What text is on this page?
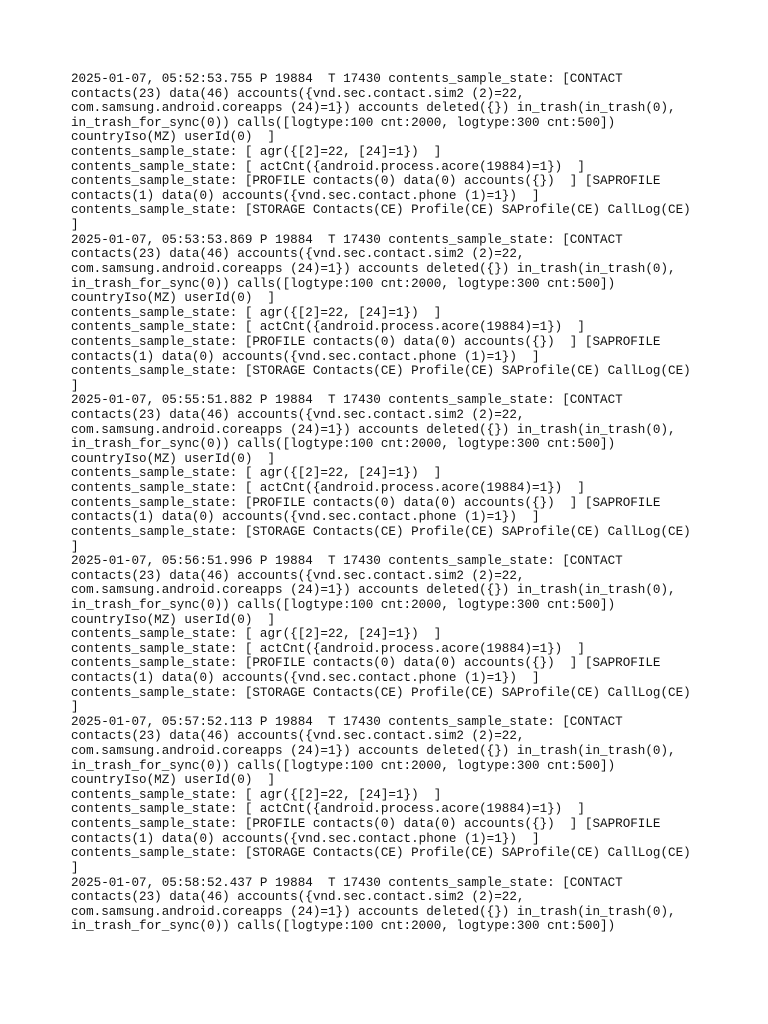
2025-01-07, 05:52:53.755 P 19884  T 17430 contents_sample_state: [CONTACT
contacts(23) data(46) accounts({vnd.sec.contact.sim2 (2)=22,
com.samsung.android.coreapps (24)=1}) accounts deleted({}) in_trash(in_trash(0),
in_trash_for_sync(0)) calls([logtype:100 cnt:2000, logtype:300 cnt:500])
countryIso(MZ) userId(0)  ]
contents_sample_state: [ agr({[2]=22, [24]=1})  ]
contents_sample_state: [ actCnt({android.process.acore(19884)=1})  ]
contents_sample_state: [PROFILE contacts(0) data(0) accounts({})  ] [SAPROFILE
contacts(1) data(0) accounts({vnd.sec.contact.phone (1)=1})  ]
contents_sample_state: [STORAGE Contacts(CE) Profile(CE) SAProfile(CE) CallLog(CE)
]
2025-01-07, 05:53:53.869 P 19884  T 17430 contents_sample_state: [CONTACT
contacts(23) data(46) accounts({vnd.sec.contact.sim2 (2)=22,
com.samsung.android.coreapps (24)=1}) accounts deleted({}) in_trash(in_trash(0),
in_trash_for_sync(0)) calls([logtype:100 cnt:2000, logtype:300 cnt:500])
countryIso(MZ) userId(0)  ]
contents_sample_state: [ agr({[2]=22, [24]=1})  ]
contents_sample_state: [ actCnt({android.process.acore(19884)=1})  ]
contents_sample_state: [PROFILE contacts(0) data(0) accounts({})  ] [SAPROFILE
contacts(1) data(0) accounts({vnd.sec.contact.phone (1)=1})  ]
contents_sample_state: [STORAGE Contacts(CE) Profile(CE) SAProfile(CE) CallLog(CE)
]
2025-01-07, 05:55:51.882 P 19884  T 17430 contents_sample_state: [CONTACT
contacts(23) data(46) accounts({vnd.sec.contact.sim2 (2)=22,
com.samsung.android.coreapps (24)=1}) accounts deleted({}) in_trash(in_trash(0),
in_trash_for_sync(0)) calls([logtype:100 cnt:2000, logtype:300 cnt:500])
countryIso(MZ) userId(0)  ]
contents_sample_state: [ agr({[2]=22, [24]=1})  ]
contents_sample_state: [ actCnt({android.process.acore(19884)=1})  ]
contents_sample_state: [PROFILE contacts(0) data(0) accounts({})  ] [SAPROFILE
contacts(1) data(0) accounts({vnd.sec.contact.phone (1)=1})  ]
contents_sample_state: [STORAGE Contacts(CE) Profile(CE) SAProfile(CE) CallLog(CE)
]
2025-01-07, 05:56:51.996 P 19884  T 17430 contents_sample_state: [CONTACT
contacts(23) data(46) accounts({vnd.sec.contact.sim2 (2)=22,
com.samsung.android.coreapps (24)=1}) accounts deleted({}) in_trash(in_trash(0),
in_trash_for_sync(0)) calls([logtype:100 cnt:2000, logtype:300 cnt:500])
countryIso(MZ) userId(0)  ]
contents_sample_state: [ agr({[2]=22, [24]=1})  ]
contents_sample_state: [ actCnt({android.process.acore(19884)=1})  ]
contents_sample_state: [PROFILE contacts(0) data(0) accounts({})  ] [SAPROFILE
contacts(1) data(0) accounts({vnd.sec.contact.phone (1)=1})  ]
contents_sample_state: [STORAGE Contacts(CE) Profile(CE) SAProfile(CE) CallLog(CE)
]
2025-01-07, 05:57:52.113 P 19884  T 17430 contents_sample_state: [CONTACT
contacts(23) data(46) accounts({vnd.sec.contact.sim2 (2)=22,
com.samsung.android.coreapps (24)=1}) accounts deleted({}) in_trash(in_trash(0),
in_trash_for_sync(0)) calls([logtype:100 cnt:2000, logtype:300 cnt:500])
countryIso(MZ) userId(0)  ]
contents_sample_state: [ agr({[2]=22, [24]=1})  ]
contents_sample_state: [ actCnt({android.process.acore(19884)=1})  ]
contents_sample_state: [PROFILE contacts(0) data(0) accounts({})  ] [SAPROFILE
contacts(1) data(0) accounts({vnd.sec.contact.phone (1)=1})  ]
contents_sample_state: [STORAGE Contacts(CE) Profile(CE) SAProfile(CE) CallLog(CE)
]
2025-01-07, 05:58:52.437 P 19884  T 17430 contents_sample_state: [CONTACT
contacts(23) data(46) accounts({vnd.sec.contact.sim2 (2)=22,
com.samsung.android.coreapps (24)=1}) accounts deleted({}) in_trash(in_trash(0),
in_trash_for_sync(0)) calls([logtype:100 cnt:2000, logtype:300 cnt:500])
